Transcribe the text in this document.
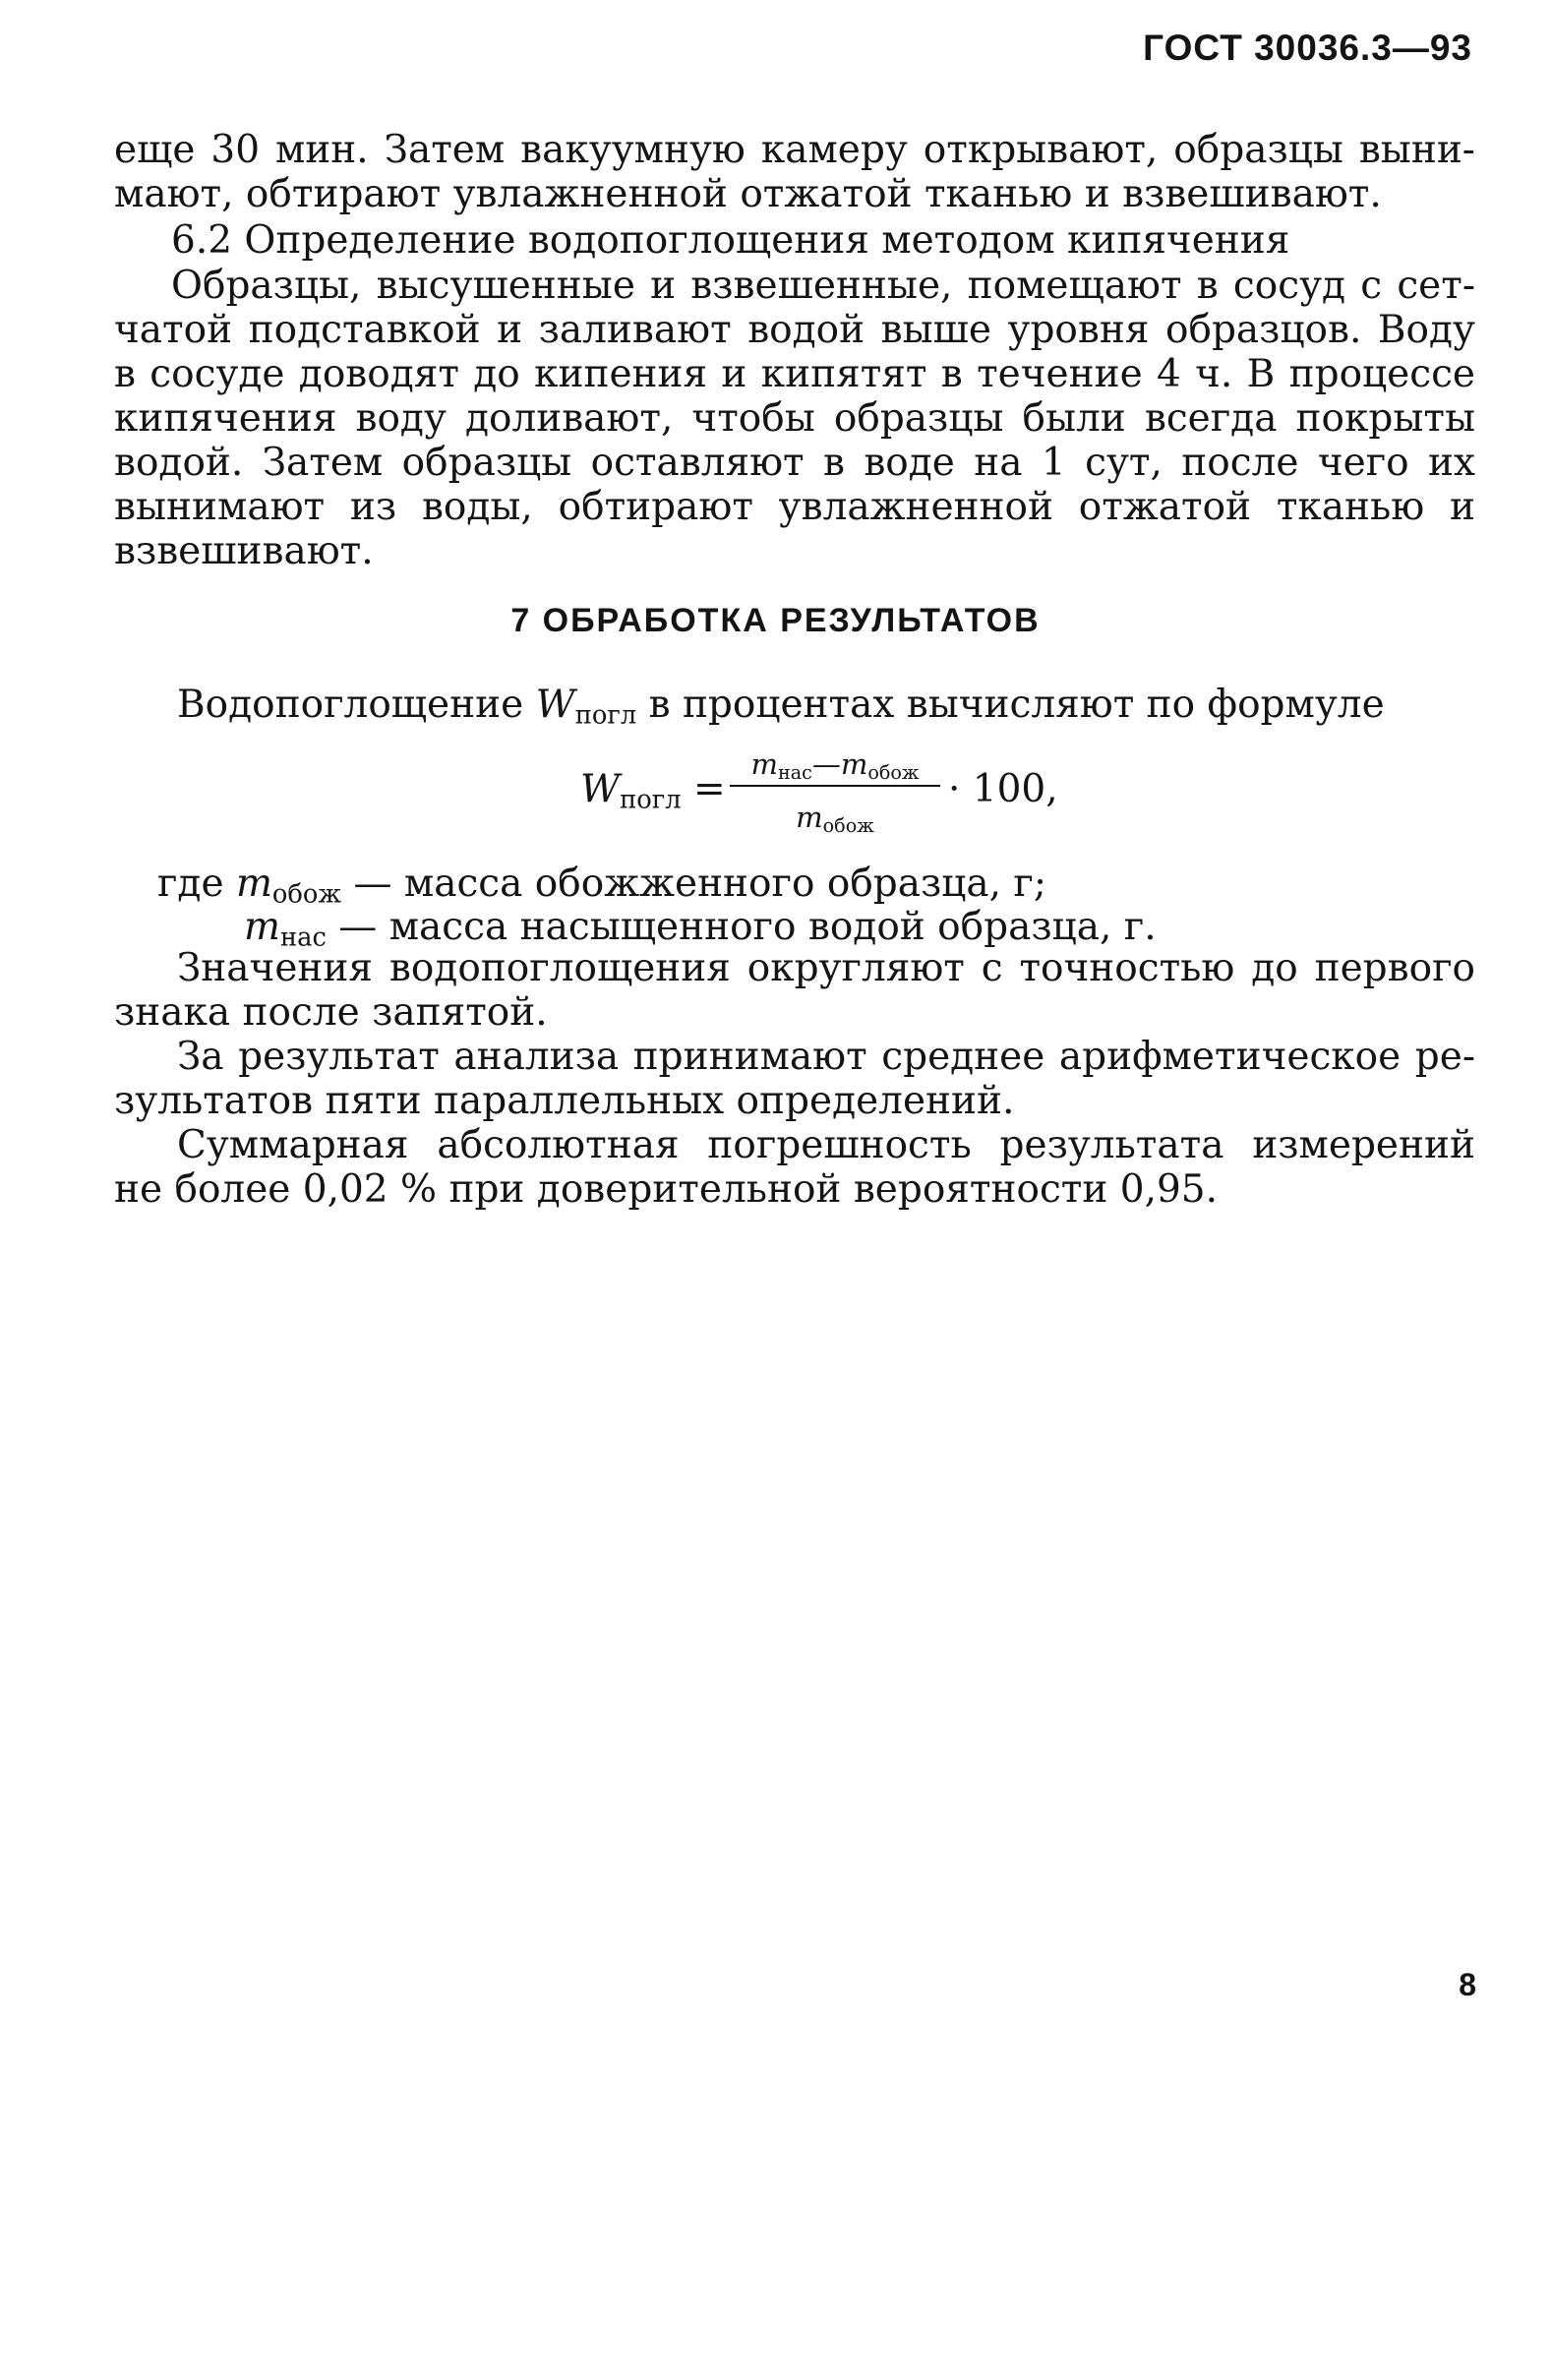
ГОСТ 30036.3—93
еще 30 мин. Затем вакуумную камеру открывают, образцы выни-
мают, обтирают увлажненной отжатой тканью и взвешивают.
6.2 Определение водопоглощения методом кипячения
Образцы, высушенные и взвешенные, помещают в сосуд с сет-
чатой подставкой и заливают водой выше уровня образцов. Воду
в сосуде доводят до кипения и кипятят в течение 4 ч. В процессе
кипячения воду доливают, чтобы образцы были всегда покрыты
водой. Затем образцы оставляют в воде на 1 сут, после чего их
вынимают из воды, обтирают увлажненной отжатой тканью и
взвешивают.
7 ОБРАБОТКА РЕЗУЛЬТАТОВ
Водопоглощение $W_{погл}$ в процентах вычисляют по формуле
$W_{погл}$ =
$m_{нас}—m_{обож}$
$m_{обож}$
· 100,
где $m_{обож}$ — масса обожженного образца, г;
$m_{нас}$ — масса насыщенного водой образца, г.
Значения водопоглощения округляют с точностью до первого
знака после запятой.
За результат анализа принимают среднее арифметическое ре-
зультатов пяти параллельных определений.
Суммарная абсолютная погрешность результата измерений
не более 0,02 % при доверительной вероятности 0,95.
8
